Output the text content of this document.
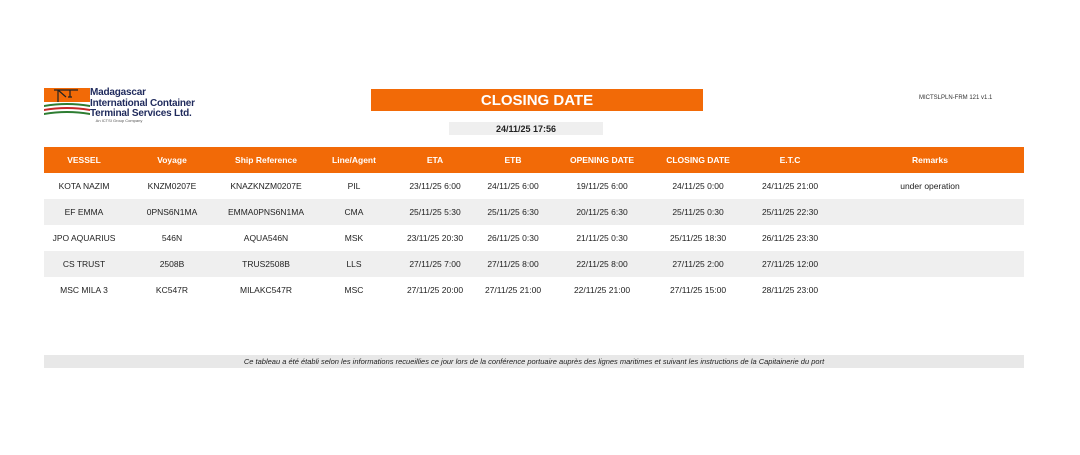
Madagascar
International Container
Terminal Services Ltd.
An ICTSI Group Company
CLOSING DATE
24/11/25 17:56
MICTSLPLN-FRM 121 v1.1
VESSEL	Voyage	Ship Reference	Line/Agent	ETA	ETB	OPENING DATE	CLOSING DATE	E.T.C	Remarks
KOTA NAZIM	KNZM0207E	KNAZKNZM0207E	PIL	23/11/25 6:00	24/11/25 6:00	19/11/25 6:00	24/11/25 0:00	24/11/25 21:00	under operation
EF EMMA	0PNS6N1MA	EMMA0PNS6N1MA	CMA	25/11/25 5:30	25/11/25 6:30	20/11/25 6:30	25/11/25 0:30	25/11/25 22:30	
JPO AQUARIUS	546N	AQUA546N	MSK	23/11/25 20:30	26/11/25 0:30	21/11/25 0:30	25/11/25 18:30	26/11/25 23:30	
CS TRUST	2508B	TRUS2508B	LLS	27/11/25 7:00	27/11/25 8:00	22/11/25 8:00	27/11/25 2:00	27/11/25 12:00	
MSC MILA 3	KC547R	MILAKC547R	MSC	27/11/25 20:00	27/11/25 21:00	22/11/25 21:00	27/11/25 15:00	28/11/25 23:00	
Ce tableau a été établi selon les informations recueillies ce jour lors de la conférence portuaire auprès des lignes maritimes et suivant les instructions de la Capitainerie du port
